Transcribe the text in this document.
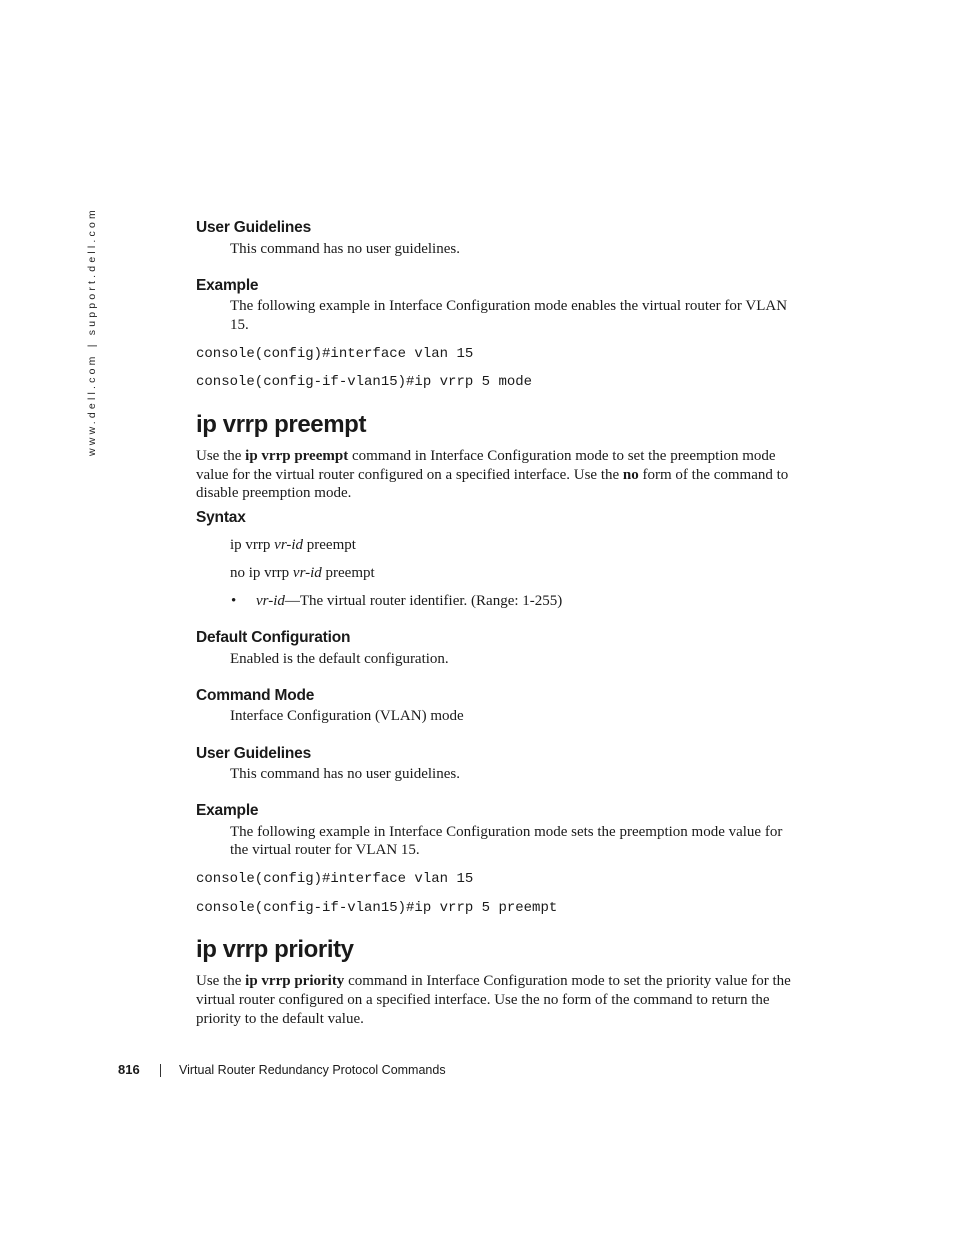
www.dell.com | support.dell.com	User Guidelines
This command has no user guidelines.
Example
The following example in Interface Configuration mode enables the virtual router for VLAN
15.
console(config)#interface vlan 15
console(config-if-vlan15)#ip vrrp 5 mode
ip vrrp preempt
Use the ip vrrp preempt command in Interface Configuration mode to set the preemption mode
value for the virtual router configured on a specified interface. Use the no form of the command to
disable preemption mode.
Syntax
ip vrrp vr-id preempt
no ip vrrp vr-id preempt
• vr-id—The virtual router identifier. (Range: 1-255)
Default Configuration
Enabled is the default configuration.
Command Mode
Interface Configuration (VLAN) mode
User Guidelines
This command has no user guidelines.
Example
The following example in Interface Configuration mode sets the preemption mode value for
the virtual router for VLAN 15.
console(config)#interface vlan 15
console(config-if-vlan15)#ip vrrp 5 preempt
ip vrrp priority
Use the ip vrrp priority command in Interface Configuration mode to set the priority value for the
virtual router configured on a specified interface. Use the no form of the command to return the
priority to the default value.
816	Virtual Router Redundancy Protocol Commands
